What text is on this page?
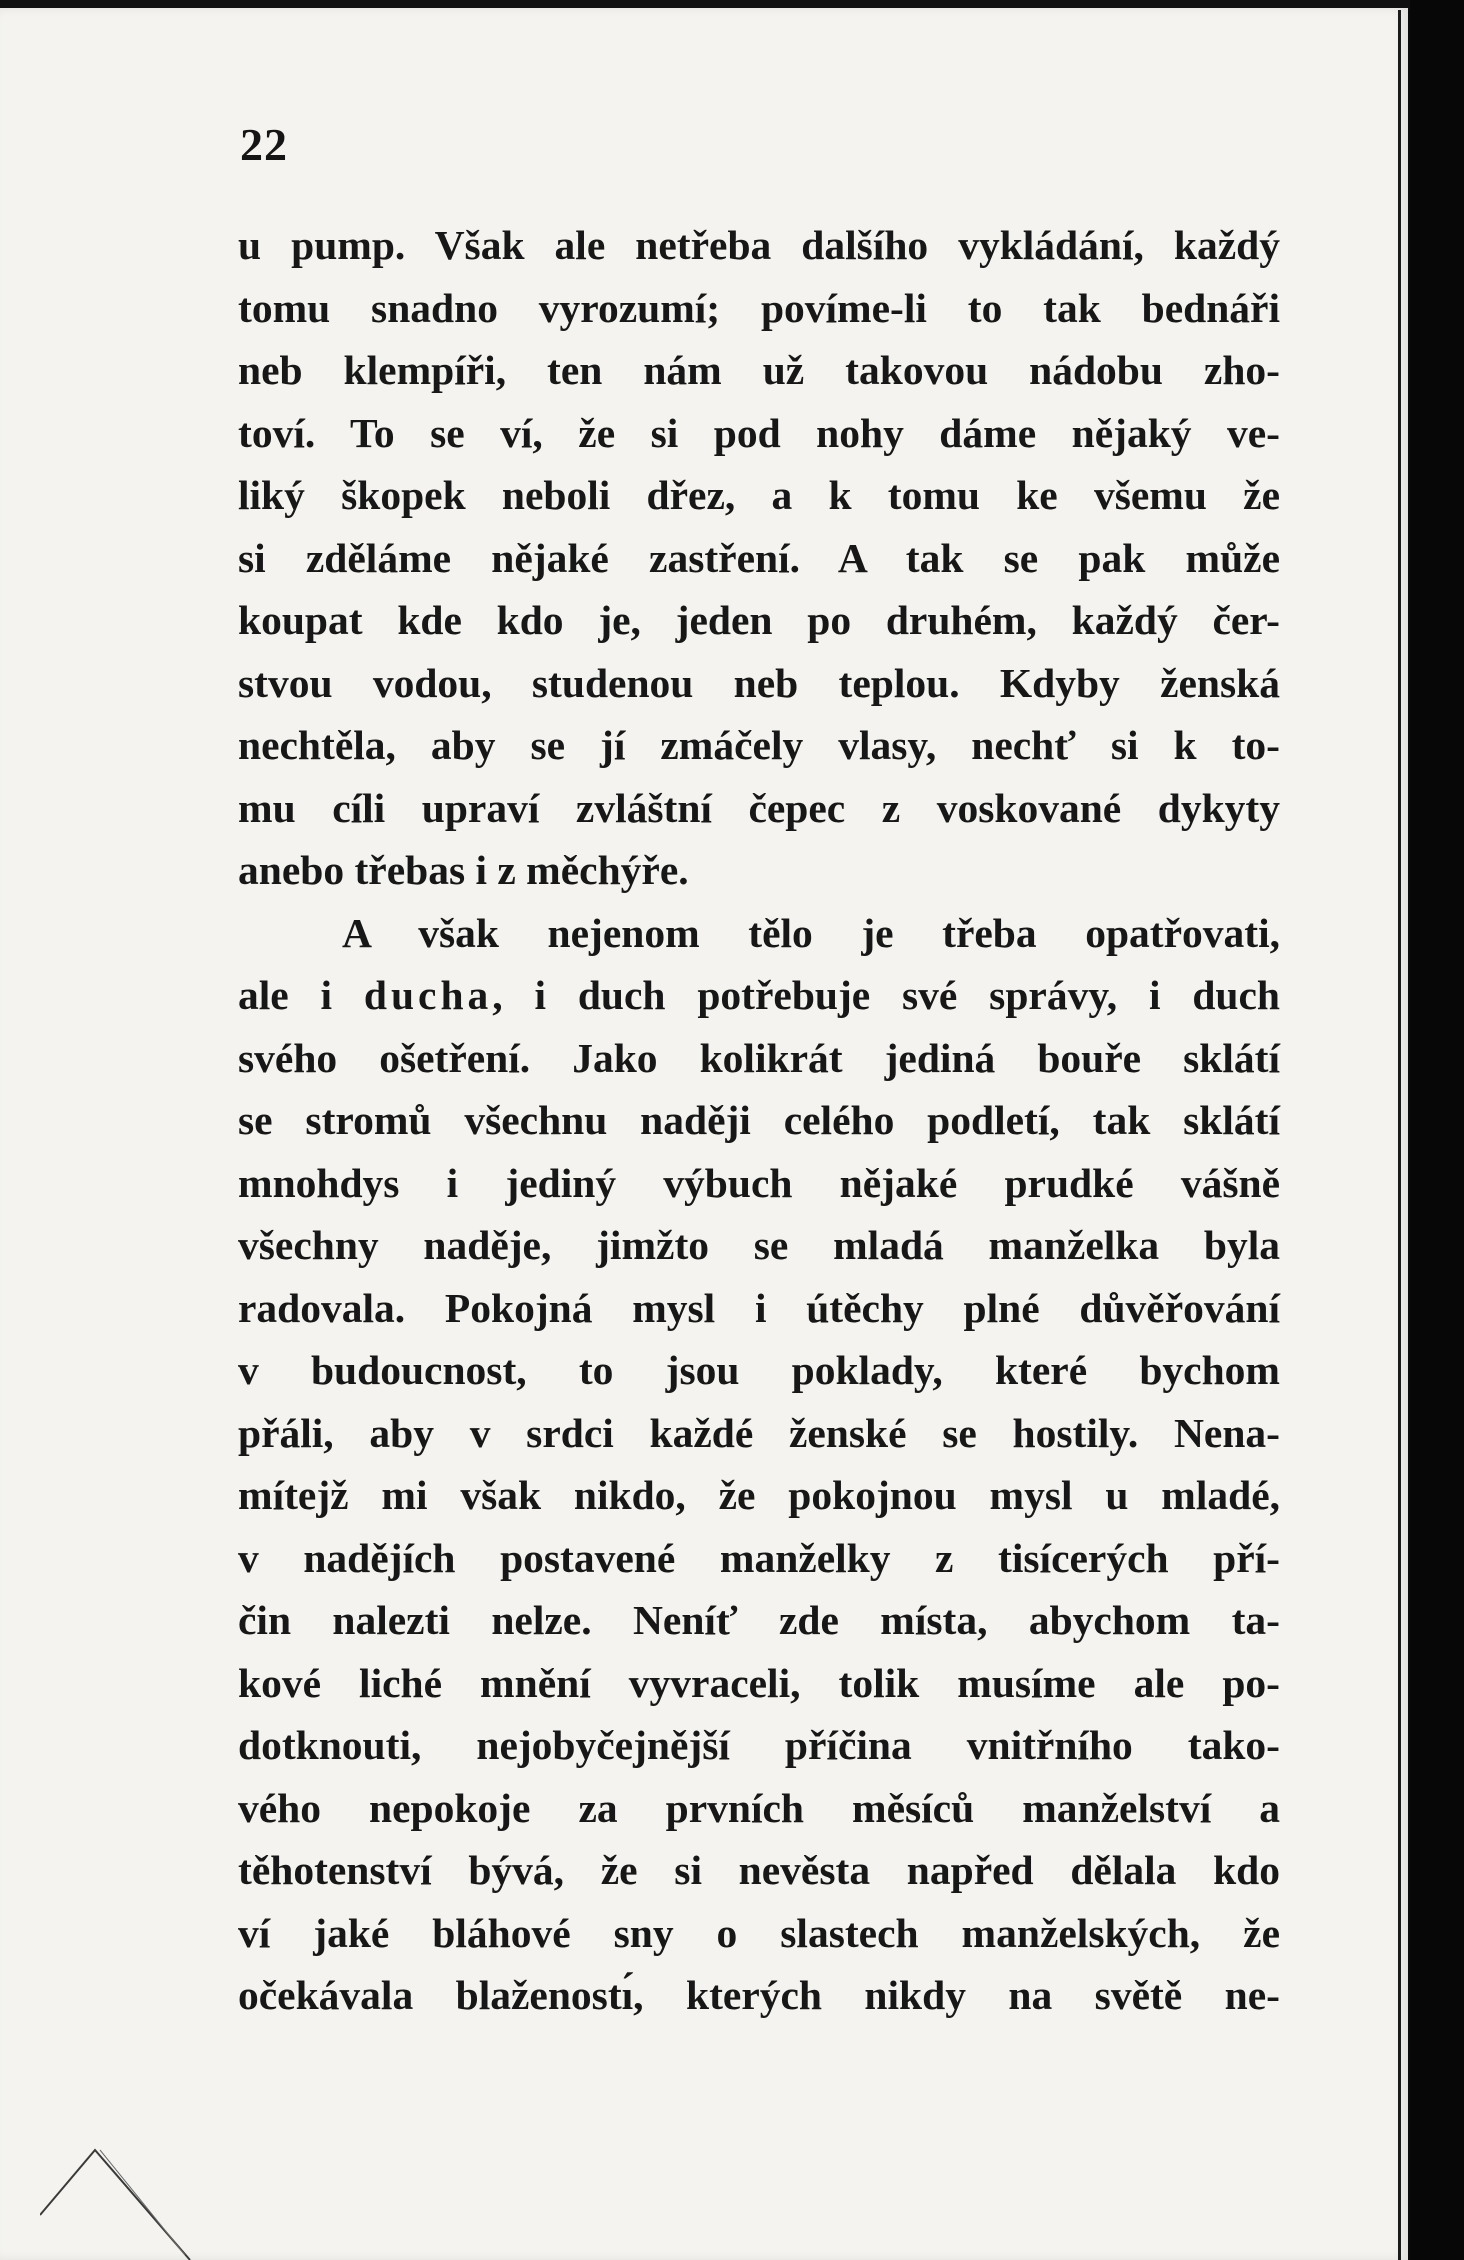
22
u pump. Však ale netřeba dalšího vykládání, každý
tomu snadno vyrozumí; povíme-li to tak bednáři
neb klempíři, ten nám už takovou nádobu zho-
toví. To se ví, že si pod nohy dáme nějaký ve-
liký škopek neboli dřez, a k tomu ke všemu že
si zděláme nějaké zastření. A tak se pak může
koupat kde kdo je, jeden po druhém, každý čer-
stvou vodou, studenou neb teplou. Kdyby ženská
nechtěla, aby se jí zmáčely vlasy, nechť si k to-
mu cíli upraví zvláštní čepec z voskované dykyty
anebo třebas i z měchýře.
A však nejenom tělo je třeba opatřovati,
ale i ducha, i duch potřebuje své správy, i duch
svého ošetření. Jako kolikrát jediná bouře sklátí
se stromů všechnu naději celého podletí, tak sklátí
mnohdys i jediný výbuch nějaké prudké vášně
všechny naděje, jimžto se mladá manželka byla
radovala. Pokojná mysl i útěchy plné důvěřování
v budoucnost, to jsou poklady, které bychom
přáli, aby v srdci každé ženské se hostily. Nena-
mítejž mi však nikdo, že pokojnou mysl u mladé,
v nadějích postavené manželky z tisícerých pří-
čin nalezti nelze. Neníť zde místa, abychom ta-
kové liché mnění vyvraceli, tolik musíme ale po-
dotknouti, nejobyčejnější příčina vnitřního tako-
vého nepokoje za prvních měsíců manželství a
těhotenství bývá, že si nevěsta napřed dělala kdo
ví jaké bláhové sny o slastech manželských, že
očekávala blaženostı́, kterých nikdy na světě ne-
